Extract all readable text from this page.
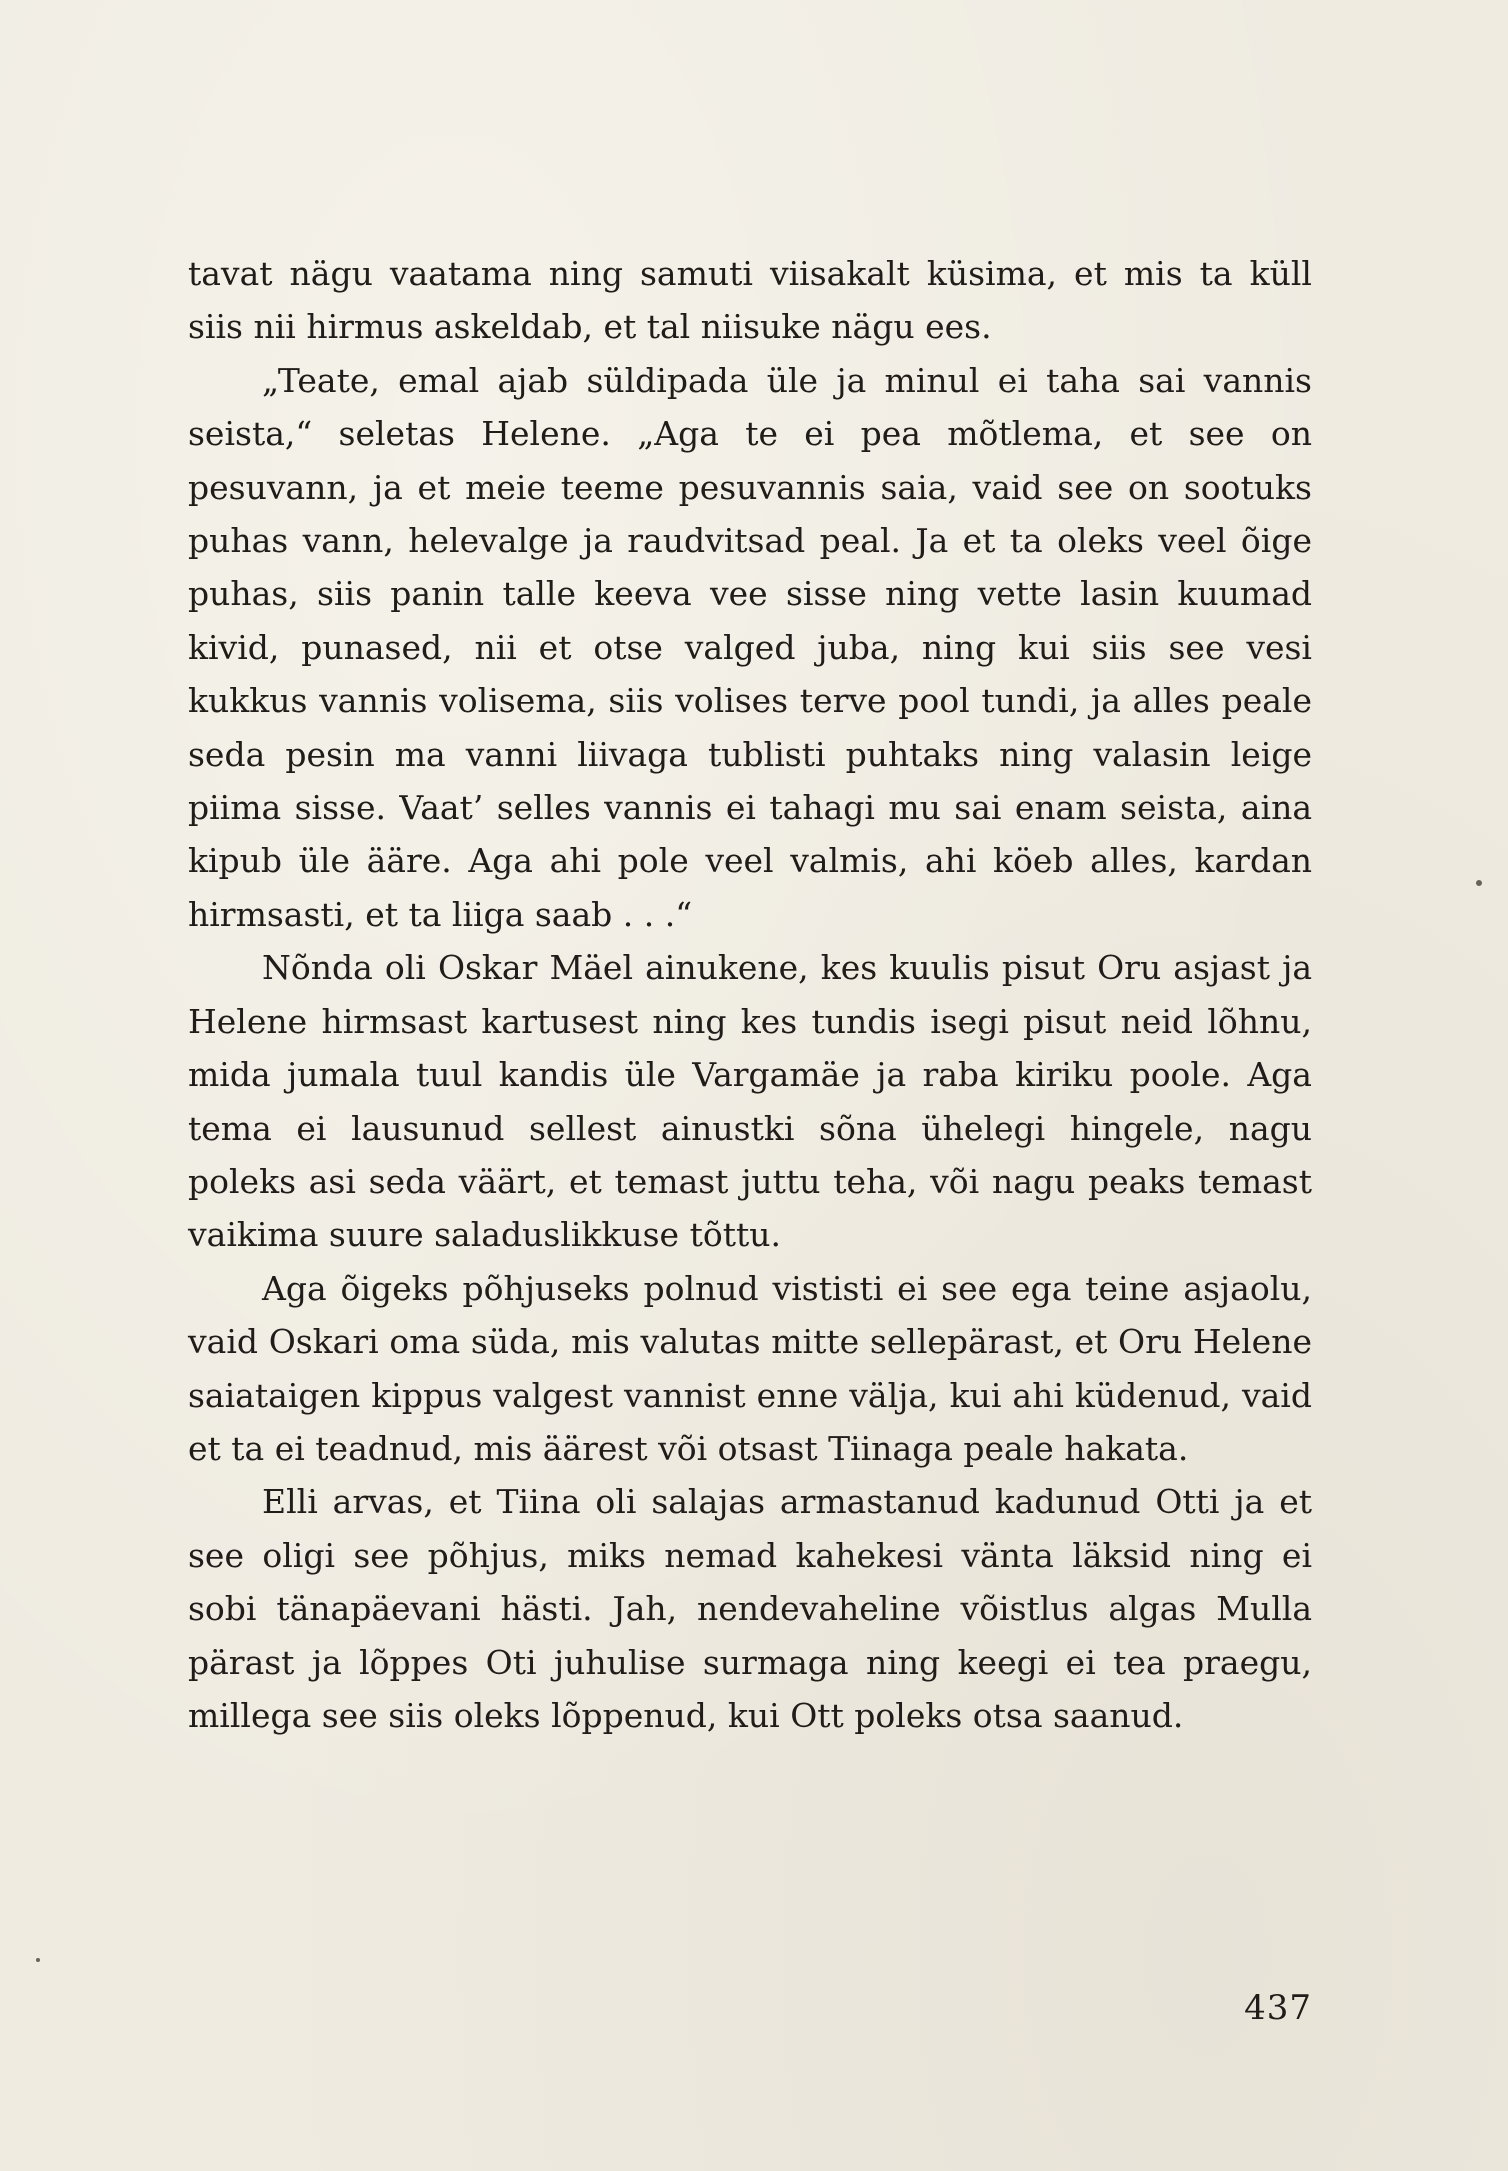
tavat nägu vaatama ning samuti viisakalt küsima, et mis ta küll siis nii hirmus askeldab, et tal niisuke nägu ees.

„Teate, emal ajab süldipada üle ja minul ei taha sai vannis seista,“ seletas Helene. „Aga te ei pea mõtlema, et see on pesuvann, ja et meie teeme pesuvannis saia, vaid see on sootuks puhas vann, helevalge ja raudvitsad peal. Ja et ta oleks veel õige puhas, siis panin talle keeva vee sisse ning vette lasin kuumad kivid, punased, nii et otse valged juba, ning kui siis see vesi kukkus vannis volisema, siis volises terve pool tundi, ja alles peale seda pesin ma vanni liivaga tublisti puhtaks ning valasin leige piima sisse. Vaat’ selles vannis ei tahagi mu sai enam seista, aina kipub üle ääre. Aga ahi pole veel valmis, ahi köeb alles, kardan hirmsasti, et ta liiga saab . . .“

Nõnda oli Oskar Mäel ainukene, kes kuulis pisut Oru asjast ja Helene hirmsast kartusest ning kes tundis isegi pisut neid lõhnu, mida jumala tuul kandis üle Vargamäe ja raba kiriku poole. Aga tema ei lausunud sellest ainustki sõna ühelegi hingele, nagu poleks asi seda väärt, et temast juttu teha, või nagu peaks temast vaikima suure saladuslikkuse tõttu.

Aga õigeks põhjuseks polnud vististi ei see ega teine asjaolu, vaid Oskari oma süda, mis valutas mitte sellepärast, et Oru Helene saiataigen kippus valgest vannist enne välja, kui ahi küdenud, vaid et ta ei teadnud, mis äärest või otsast Tiinaga peale hakata.

Elli arvas, et Tiina oli salajas armastanud kadunud Otti ja et see oligi see põhjus, miks nemad kahekesi vänta läksid ning ei sobi tänapäevani hästi. Jah, nendevaheline võistlus algas Mulla pärast ja lõppes Oti juhulise surmaga ning keegi ei tea praegu, millega see siis oleks lõppenud, kui Ott poleks otsa saanud.

437
